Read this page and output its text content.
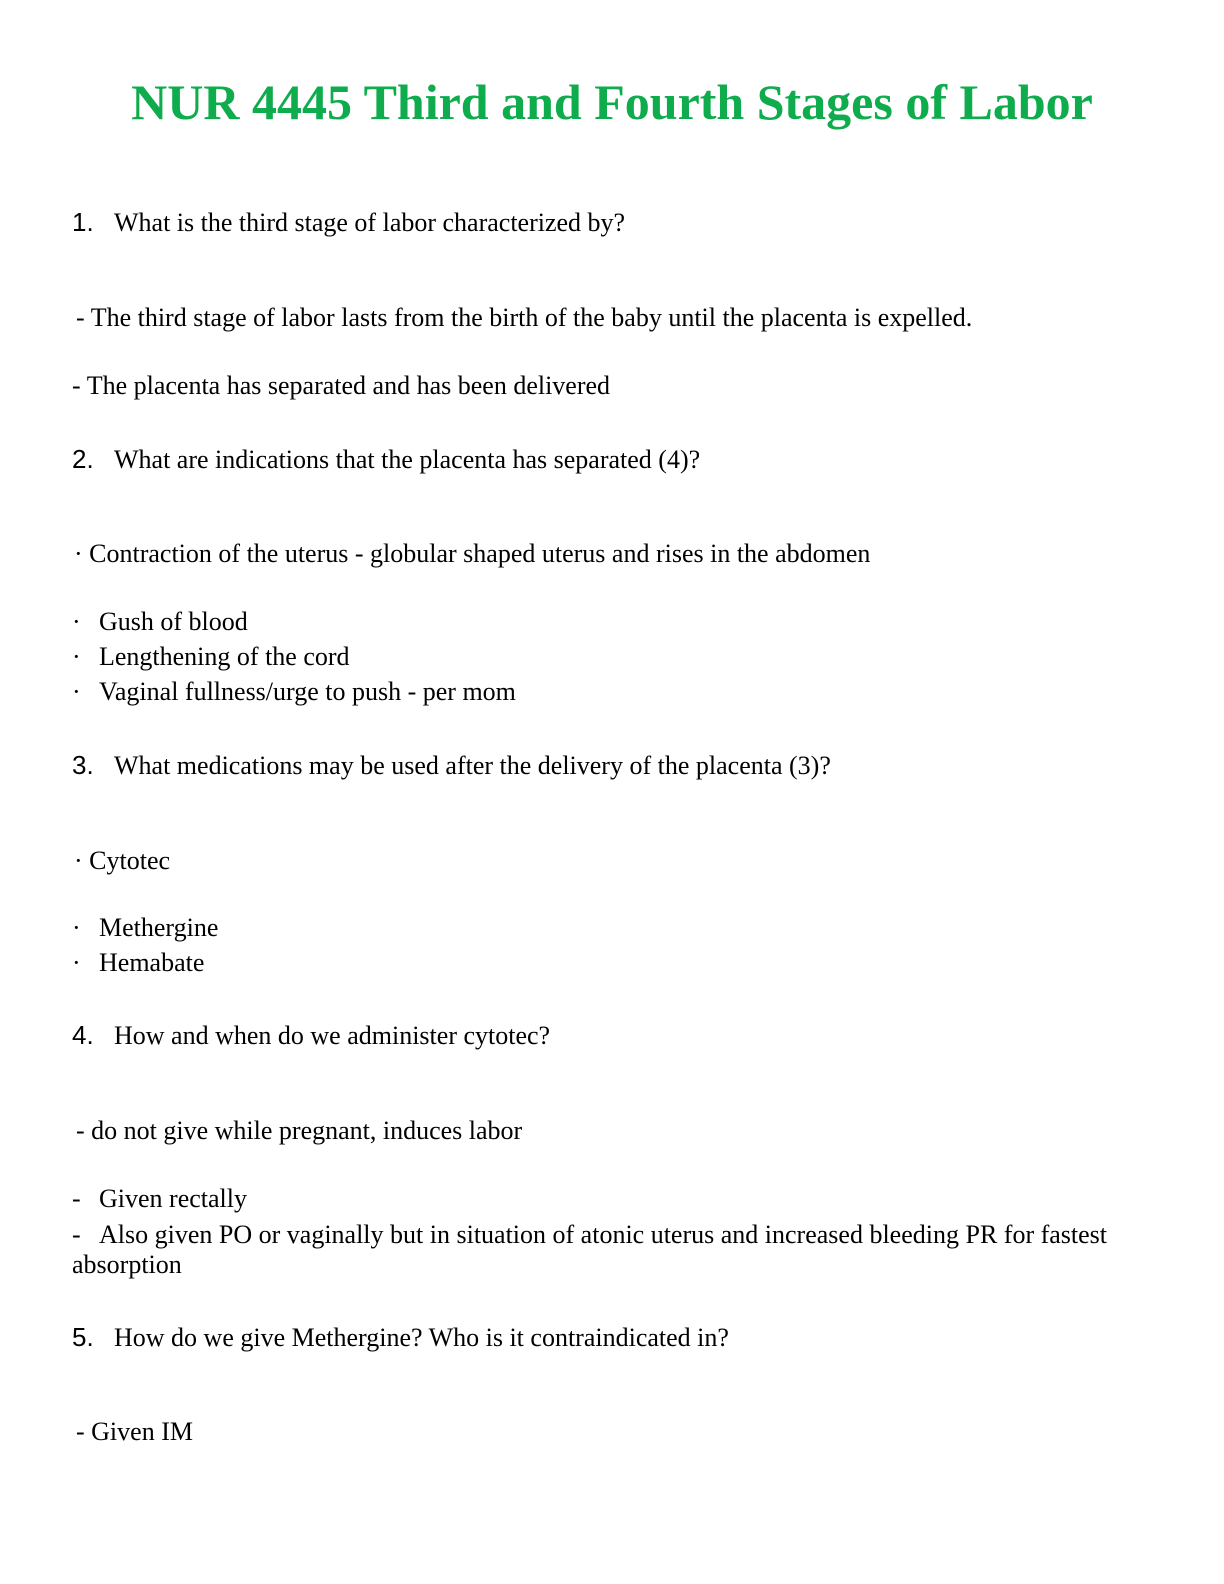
NUR 4445 Third and Fourth Stages of Labor
1. What is the third stage of labor characterized by?
- The third stage of labor lasts from the birth of the baby until the placenta is expelled.
- The placenta has separated and has been delivered
2. What are indications that the placenta has separated (4)?
· Contraction of the uterus - globular shaped uterus and rises in the abdomen
· Gush of blood
· Lengthening of the cord
· Vaginal fullness/urge to push - per mom
3. What medications may be used after the delivery of the placenta (3)?
· Cytotec
· Methergine
· Hemabate
4. How and when do we administer cytotec?
- do not give while pregnant, induces labor
- Given rectally
- Also given PO or vaginally but in situation of atonic uterus and increased bleeding PR for fastest absorption
5. How do we give Methergine? Who is it contraindicated in?
- Given IM
